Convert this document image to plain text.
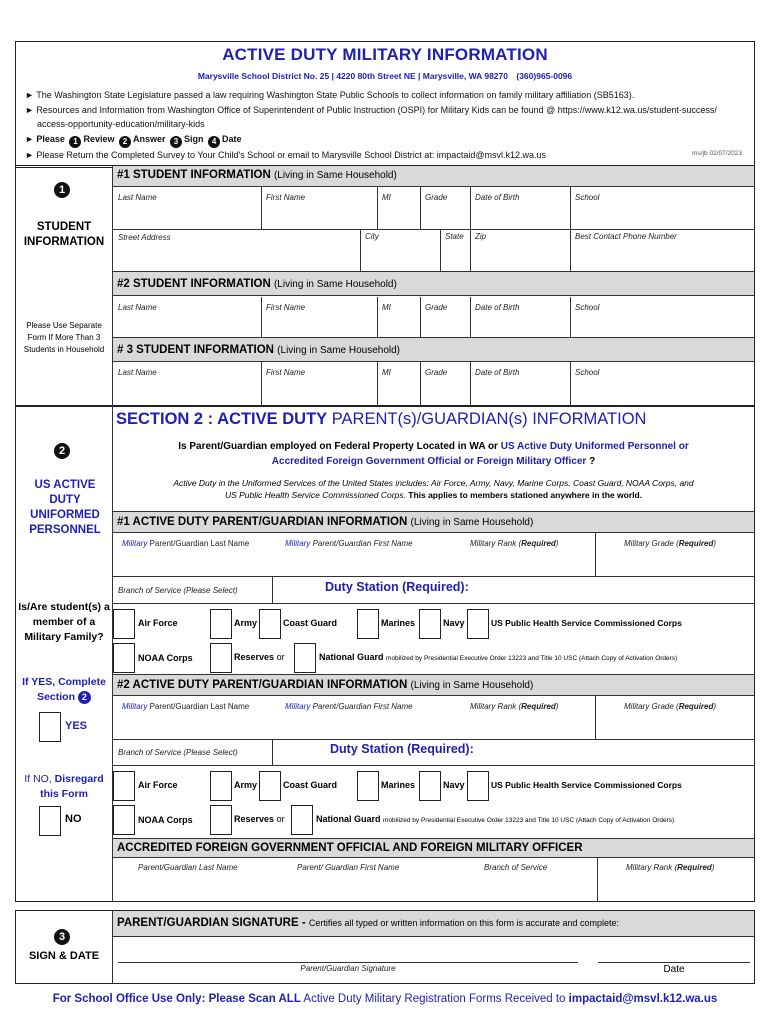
ACTIVE DUTY MILITARY INFORMATION
Marysville School District No. 25 | 4220 80th Street NE | Marysville, WA 98270 (360)965-0096
► The Washington State Legislature passed a law requiring Washington State Public Schools to collect information on family military affiliation (SB5163).
► Resources and Information from Washington Office of Superintendent of Public Instruction (OSPI) for Military Kids can be found @ https://www.k12.wa.us/student-success/
access-opportunity-education/military-kids
► Please 1 Review 2 Answer 3 Sign 4 Date
► Please Return the Completed Survey to Your Child's School or email to Marysville School District at: impactaid@msvl.k12.wa.us	ms/jb 02/07/2023
1
STUDENT INFORMATION
Please Use Separate Form If More Than 3 Students in Household
#1 STUDENT INFORMATION (Living in Same Household)
Last Name	First Name	MI	Grade	Date of Birth	School
Street Address	City	State	Zip	Best Contact Phone Number
#2 STUDENT INFORMATION (Living in Same Household)
Last Name	First Name	MI	Grade	Date of Birth	School
# 3 STUDENT INFORMATION (Living in Same Household)
Last Name	First Name	MI	Grade	Date of Birth	School
SECTION 2 : ACTIVE DUTY PARENT(s)/GUARDIAN(s) INFORMATION
Is Parent/Guardian employed on Federal Property Located in WA or US Active Duty Uniformed Personnel or
Accredited Foreign Government Official or Foreign Military Officer ?
Active Duty in the Uniformed Services of the United States includes: Air Force, Army, Navy, Marine Corps, Coast Guard, NOAA Corps, and
US Public Health Service Commissioned Corps. This applies to members stationed anywhere in the world.
2
US ACTIVE DUTY UNIFORMED PERSONNEL
Is/Are student(s) a member of a Military Family?
If YES, Complete Section 2
YES
If NO, Disregard this Form
NO
#1 ACTIVE DUTY PARENT/GUARDIAN INFORMATION (Living in Same Household)
Military Parent/Guardian Last Name	Military Parent/Guardian First Name	Military Rank (Required)	Military Grade (Required)
Branch of Service (Please Select)	Duty Station (Required):
Air Force	Army	Coast Guard	Marines	Navy	US Public Health Service Commissioned Corps
NOAA Corps	Reserves or	National Guard mobilized by Presidential Executive Order 13223 and Title 10 USC (Attach Copy of Activation Orders)
#2 ACTIVE DUTY PARENT/GUARDIAN INFORMATION (Living in Same Household)
Military Parent/Guardian Last Name	Military Parent/Guardian First Name	Military Rank (Required)	Military Grade (Required)
Branch of Service (Please Select)	Duty Station (Required):
Air Force	Army	Coast Guard	Marines	Navy	US Public Health Service Commissioned Corps
NOAA Corps	Reserves or	National Guard mobilized by Presidential Executive Order 13223 and Title 10 USC (Attach Copy of Activation Orders)
ACCREDITED FOREIGN GOVERNMENT OFFICIAL AND FOREIGN MILITARY OFFICER
Parent/Guardian Last Name	Parent/ Guardian First Name	Branch of Service	Military Rank (Required)
3
SIGN & DATE
PARENT/GUARDIAN SIGNATURE - Certifies all typed or written information on this form is accurate and complete:
Parent/Guardian Signature	Date
For School Office Use Only: Please Scan ALL Active Duty Military Registration Forms Received to impactaid@msvl.k12.wa.us
